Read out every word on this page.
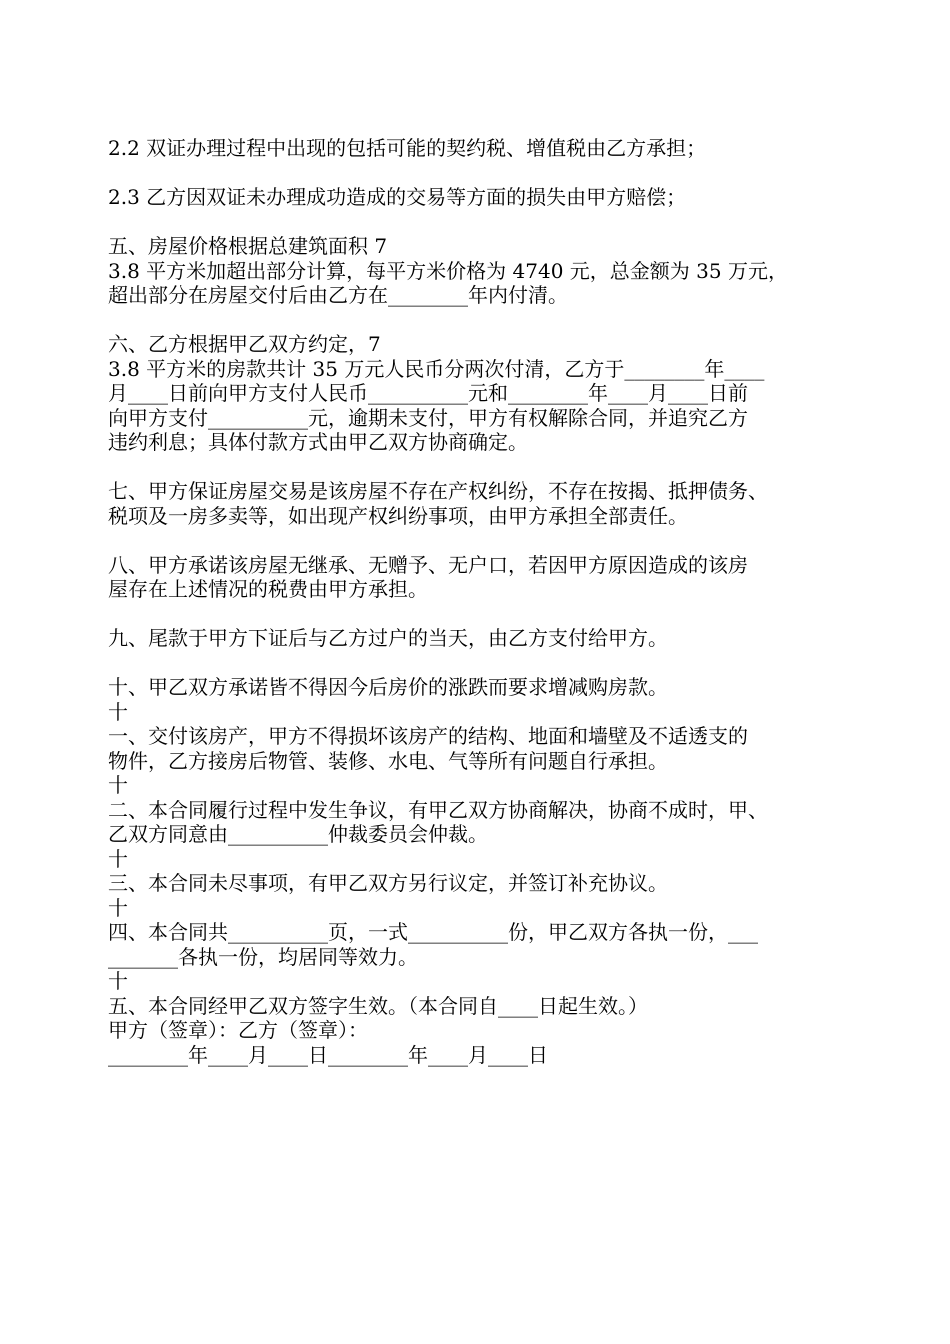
2.2 双证办理过程中出现的包括可能的契约税、增值税由乙方承担；

2.3 乙方因双证未办理成功造成的交易等方面的损失由甲方赔偿；

五、房屋价格根据总建筑面积 7
3.8 平方米加超出部分计算，每平方米价格为 4740 元，总金额为 35 万元，
超出部分在房屋交付后由乙方在________年内付清。

六、乙方根据甲乙双方约定，7
3.8 平方米的房款共计 35 万元人民币分两次付清，乙方于________年____
月____日前向甲方支付人民币__________元和________年____月____日前
向甲方支付__________元，逾期未支付，甲方有权解除合同，并追究乙方
违约利息；具体付款方式由甲乙双方协商确定。

七、甲方保证房屋交易是该房屋不存在产权纠纷，不存在按揭、抵押债务、
税项及一房多卖等，如出现产权纠纷事项，由甲方承担全部责任。

八、甲方承诺该房屋无继承、无赠予、无户口，若因甲方原因造成的该房
屋存在上述情况的税费由甲方承担。

九、尾款于甲方下证后与乙方过户的当天，由乙方支付给甲方。

十、甲乙双方承诺皆不得因今后房价的涨跌而要求增减购房款。
十
一、交付该房产，甲方不得损坏该房产的结构、地面和墙壁及不适透支的
物件，乙方接房后物管、装修、水电、气等所有问题自行承担。
十
二、本合同履行过程中发生争议，有甲乙双方协商解决，协商不成时，甲、
乙双方同意由__________仲裁委员会仲裁。
十
三、本合同未尽事项，有甲乙双方另行议定，并签订补充协议。
十
四、本合同共__________页，一式__________份，甲乙双方各执一份，___
_______各执一份，均居同等效力。
十
五、本合同经甲乙双方签字生效。（本合同自____日起生效。）
甲方（签章）：乙方（签章）：
________年____月____日________年____月____日
